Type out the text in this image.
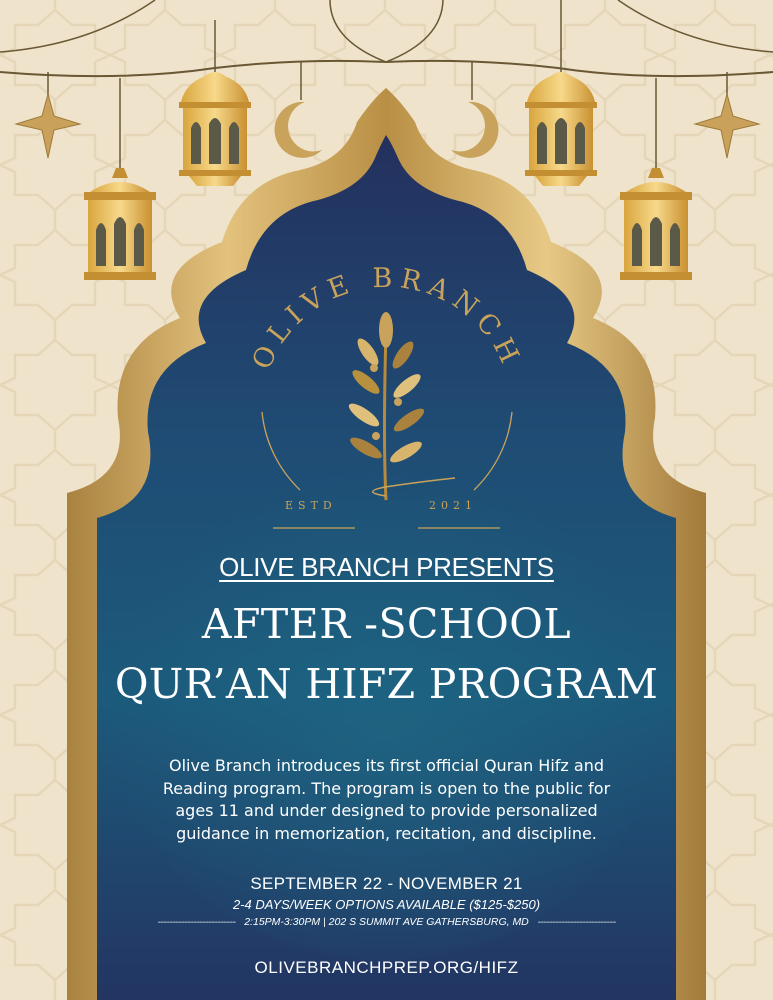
OLIVE BRANCH
ESTD	2021
OLIVE BRANCH PRESENTS
AFTER -SCHOOL
QUR’AN HIFZ PROGRAM
Olive Branch introduces its first official Quran Hifz and Reading program. The program is open to the public for ages 11 and under designed to provide personalized guidance in memorization, recitation, and discipline.
SEPTEMBER 22 - NOVEMBER 21
2-4 DAYS/WEEK OPTIONS AVAILABLE ($125-$250)
-------------------------- 2:15PM-3:30PM | 202 S SUMMIT AVE GATHERSBURG, MD --------------------------
OLIVEBRANCHPREP.ORG/HIFZ
